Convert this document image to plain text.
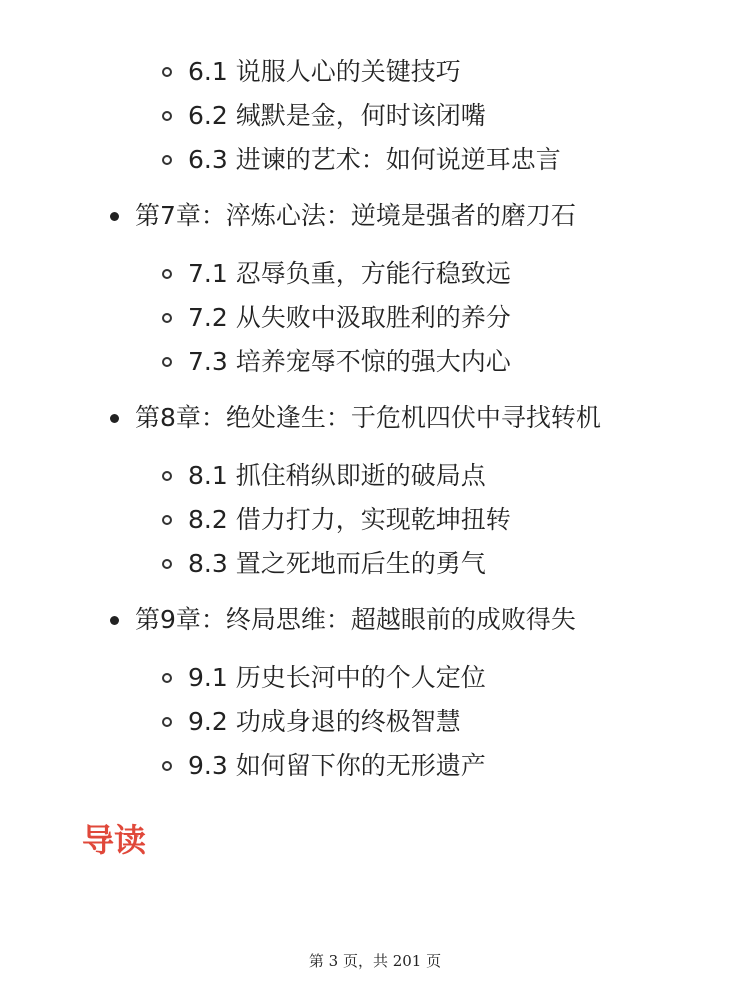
6.1 说服人心的关键技巧
6.2 缄默是金，何时该闭嘴
6.3 进谏的艺术：如何说逆耳忠言
第7章：淬炼心法：逆境是强者的磨刀石
7.1 忍辱负重，方能行稳致远
7.2 从失败中汲取胜利的养分
7.3 培养宠辱不惊的强大内心
第8章：绝处逢生：于危机四伏中寻找转机
8.1 抓住稍纵即逝的破局点
8.2 借力打力，实现乾坤扭转
8.3 置之死地而后生的勇气
第9章：终局思维：超越眼前的成败得失
9.1 历史长河中的个人定位
9.2 功成身退的终极智慧
9.3 如何留下你的无形遗产
导读
第 3 页，共 201 页
